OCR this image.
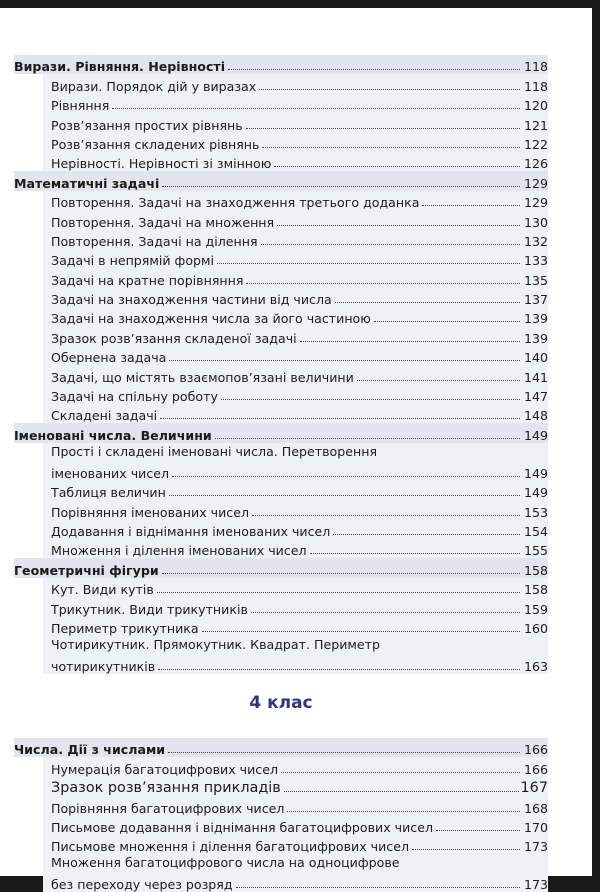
Вирази. Рівняння. Нерівності	118
Вирази. Порядок дій у виразах	118
Рівняння	120
Розв’язання простих рівнянь	121
Розв’язання складених рівнянь	122
Нерівності. Нерівності зі змінною	126
Математичні задачі	129
Повторення. Задачі на знаходження третього доданка	129
Повторення. Задачі на множення	130
Повторення. Задачі на ділення	132
Задачі в непрямій формі	133
Задачі на кратне порівняння	135
Задачі на знаходження частини від числа	137
Задачі на знаходження числа за його частиною	139
Зразок розв’язання складеної задачі	139
Обернена задача	140
Задачі, що містять взаємопов’язані величини	141
Задачі на спільну роботу	147
Складені задачі	148
Іменовані числа. Величини	149
Прості і складені іменовані числа. Перетворення
іменованих чисел	149
Таблиця величин	149
Порівняння іменованих чисел	153
Додавання і віднімання іменованих чисел	154
Множення і ділення іменованих чисел	155
Геометричні фігури	158
Кут. Види кутів	158
Трикутник. Види трикутників	159
Периметр трикутника	160
Чотирикутник. Прямокутник. Квадрат. Периметр
чотирикутників	163
4 клас
Числа. Дії з числами	166
Нумерація багатоцифрових чисел	166
Зразок розв’язання прикладів	167
Порівняння багатоцифрових чисел	168
Письмове додавання і віднімання багатоцифрових чисел	170
Письмове множення і ділення багатоцифрових чисел	173
Множення багатоцифрового числа на одноцифрове
без переходу через розряд	173
